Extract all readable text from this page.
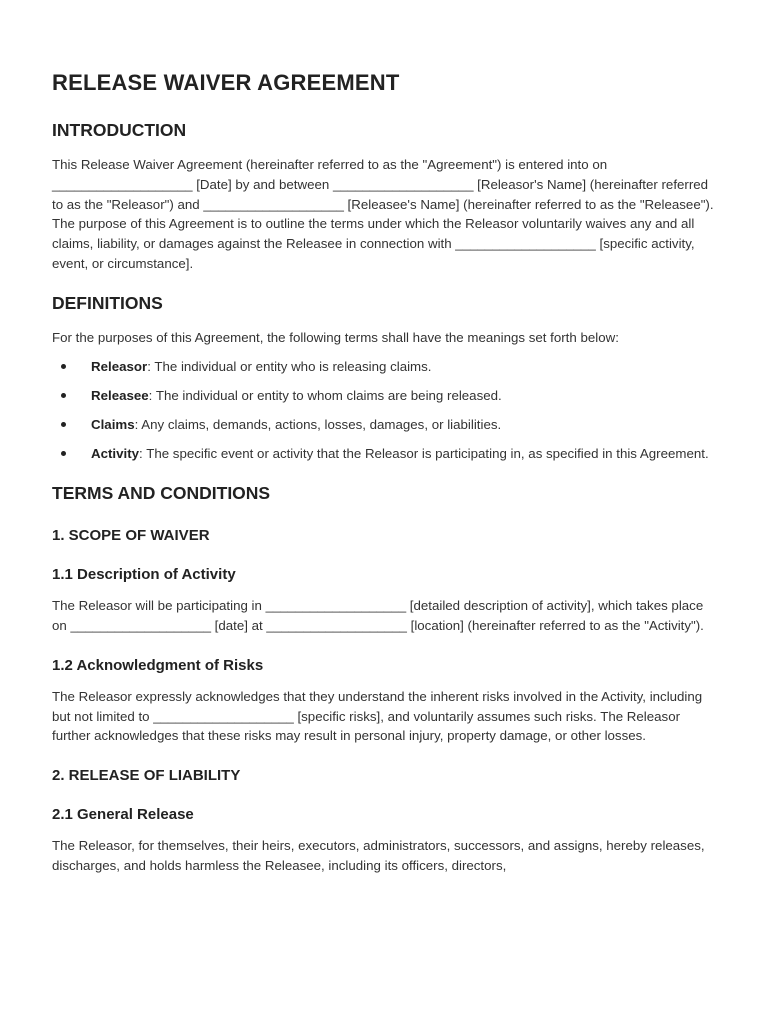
RELEASE WAIVER AGREEMENT
INTRODUCTION

This Release Waiver Agreement (hereinafter referred to as the "Agreement") is entered into on ___________________ [Date] by and between ___________________ [Releasor's Name] (hereinafter referred to as the "Releasor") and ___________________ [Releasee's Name] (hereinafter referred to as the "Releasee"). The purpose of this Agreement is to outline the terms under which the Releasor voluntarily waives any and all claims, liability, or damages against the Releasee in connection with ___________________ [specific activity, event, or circumstance].

DEFINITIONS

For the purposes of this Agreement, the following terms shall have the meanings set forth below:

Releasor: The individual or entity who is releasing claims.
Releasee: The individual or entity to whom claims are being released.
Claims: Any claims, demands, actions, losses, damages, or liabilities.
Activity: The specific event or activity that the Releasor is participating in, as specified in this Agreement.
TERMS AND CONDITIONS
1. SCOPE OF WAIVER
1.1 Description of Activity

The Releasor will be participating in ___________________ [detailed description of activity], which takes place on ___________________ [date] at ___________________ [location] (hereinafter referred to as the "Activity").

1.2 Acknowledgment of Risks

The Releasor expressly acknowledges that they understand the inherent risks involved in the Activity, including but not limited to ___________________ [specific risks], and voluntarily assumes such risks. The Releasor further acknowledges that these risks may result in personal injury, property damage, or other losses.

2. RELEASE OF LIABILITY
2.1 General Release

The Releasor, for themselves, their heirs, executors, administrators, successors, and assigns, hereby releases, discharges, and holds harmless the Releasee, including its officers, directors,
